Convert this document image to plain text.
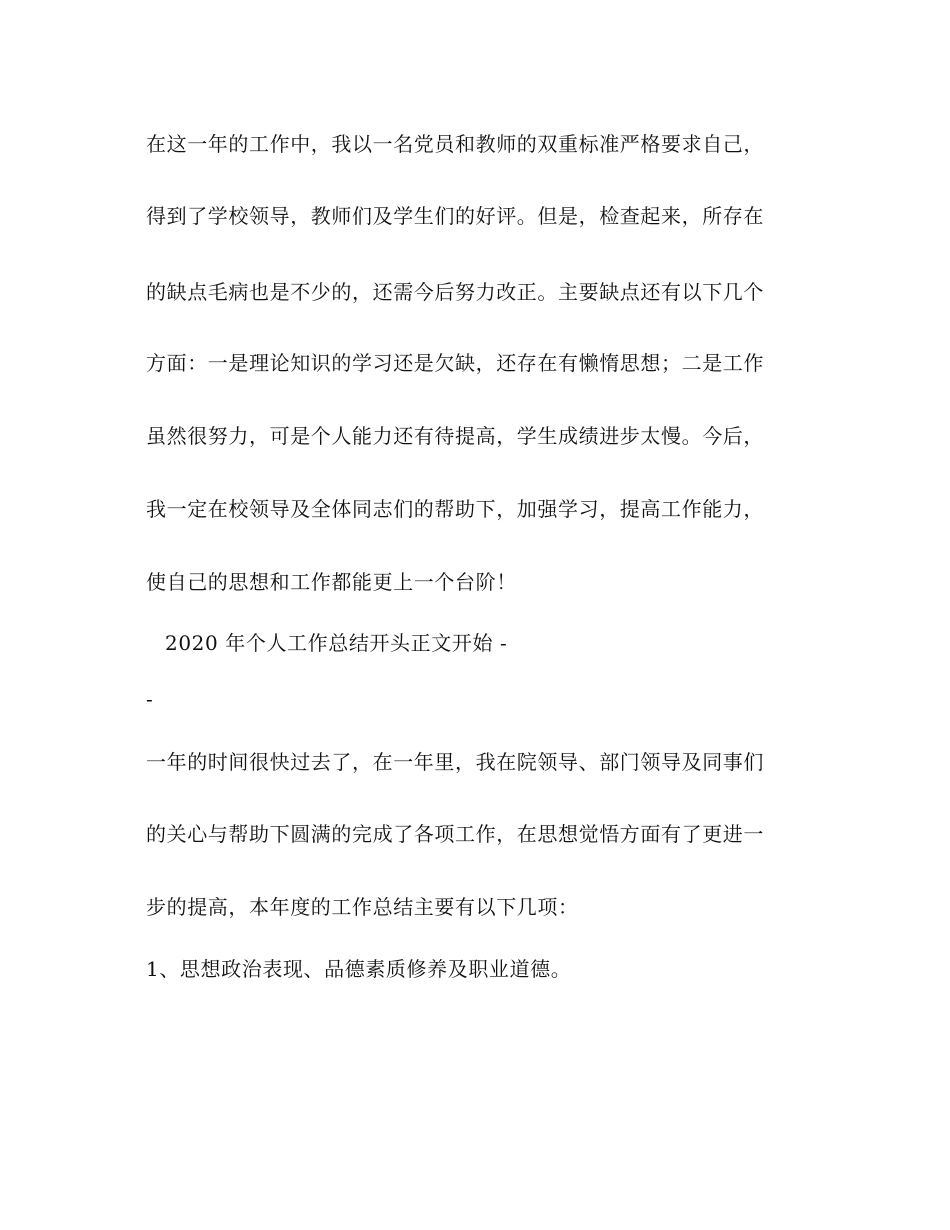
在这一年的工作中，我以一名党员和教师的双重标准严格要求自己，
得到了学校领导，教师们及学生们的好评。但是，检查起来，所存在
的缺点毛病也是不少的，还需今后努力改正。主要缺点还有以下几个
方面：一是理论知识的学习还是欠缺，还存在有懒惰思想；二是工作
虽然很努力，可是个人能力还有待提高，学生成绩进步太慢。今后，
我一定在校领导及全体同志们的帮助下，加强学习，提高工作能力，
使自己的思想和工作都能更上一个台阶！
2020 年个人工作总结开头正文开始 -
-
一年的时间很快过去了，在一年里，我在院领导、部门领导及同事们
的关心与帮助下圆满的完成了各项工作，在思想觉悟方面有了更进一
步的提高，本年度的工作总结主要有以下几项：
1、思想政治表现、品德素质修养及职业道德。
